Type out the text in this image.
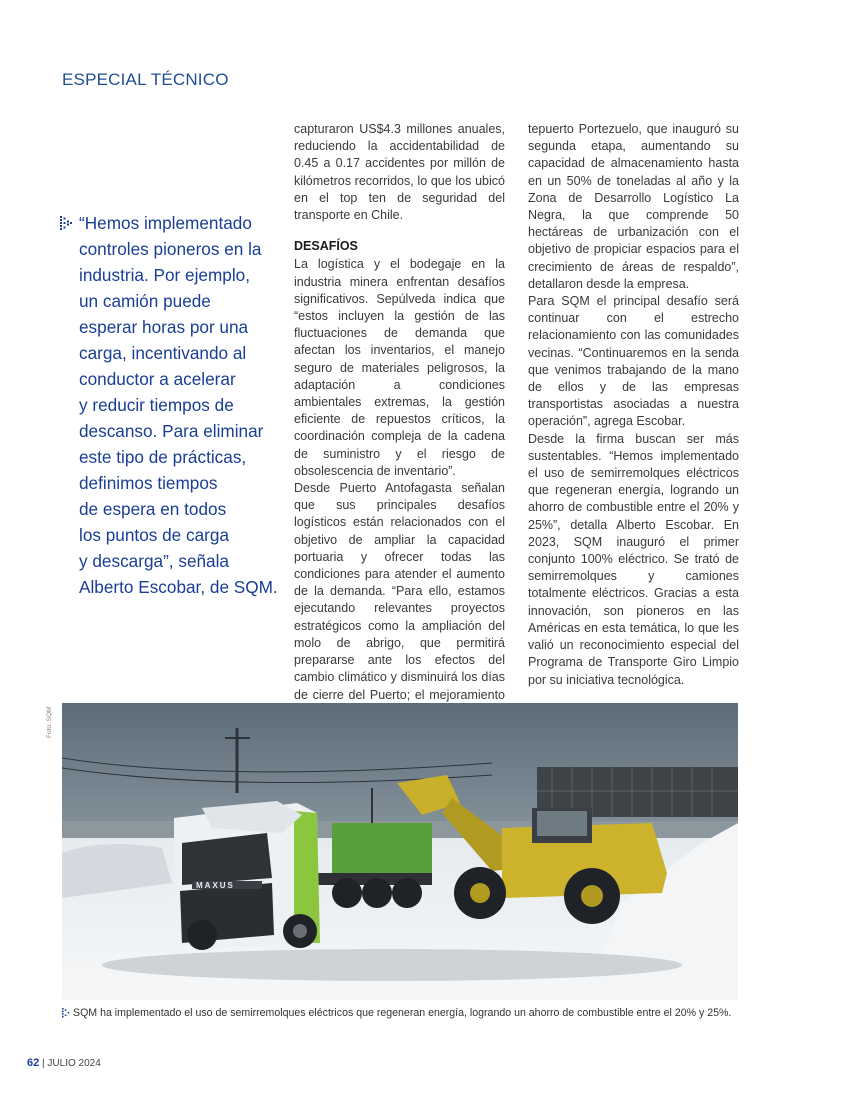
ESPECIAL TÉCNICO

“Hemos implementado
controles pioneros en la
industria. Por ejemplo,
un camión puede
esperar horas por una
carga, incentivando al
conductor a acelerar
y reducir tiempos de
descanso. Para eliminar
este tipo de prácticas,
definimos tiempos
de espera en todos
los puntos de carga
y descarga”, señala
Alberto Escobar, de SQM.

capturaron US$4.3 millones anuales, reduciendo la accidentabilidad de 0.45 a 0.17 accidentes por millón de kilómetros recorridos, lo que los ubicó en el top ten de seguridad del transporte en Chile.

DESAFÍOS

La logística y el bodegaje en la industria minera enfrentan desafíos significativos. Sepúlveda indica que “estos incluyen la gestión de las fluctuaciones de demanda que afectan los inventarios, el manejo seguro de materiales peligrosos, la adaptación a condiciones ambientales extremas, la gestión eficiente de repuestos críticos, la coordinación compleja de la cadena de suministro y el riesgo de obsolescencia de inventario”.

Desde Puerto Antofagasta señalan que sus principales desafíos logísticos están relacionados con el objetivo de ampliar la capacidad portuaria y ofrecer todas las condiciones para atender el aumento de la demanda. “Para ello, estamos ejecutando relevantes proyectos estratégicos como la ampliación del molo de abrigo, que permitirá prepararse ante los efectos del cambio climático y disminuirá los días de cierre del Puerto; el mejoramiento

tepuerto Portezuelo, que inauguró su segunda etapa, aumentando su capacidad de almacenamiento hasta en un 50% de toneladas al año y la Zona de Desarrollo Logístico La Negra, la que comprende 50 hectáreas de urbanización con el objetivo de propiciar espacios para el crecimiento de áreas de respaldo”, detallaron desde la empresa.

Para SQM el principal desafío será continuar con el estrecho relacionamiento con las comunidades vecinas. “Continuaremos en la senda que venimos trabajando de la mano de ellos y de las empresas transportistas asociadas a nuestra operación”, agrega Escobar.

Desde la firma buscan ser más sustentables. “Hemos implementado el uso de semirremolques eléctricos que regeneran energía, logrando un ahorro de combustible entre el 20% y 25%”, detalla Alberto Escobar. En 2023, SQM inauguró el primer conjunto 100% eléctrico. Se trató de semirremolques y camiones totalmente eléctricos. Gracias a esta innovación, son pioneros en las Américas en esta temática, lo que les valió un reconocimiento especial del Programa de Transporte Giro Limpio por su iniciativa tecnológica.

Foto: SQM
MAXUS
SQM ha implementado el uso de semirremolques eléctricos que regeneran energía, logrando un ahorro de combustible entre el 20% y 25%.
62 | JULIO 2024
